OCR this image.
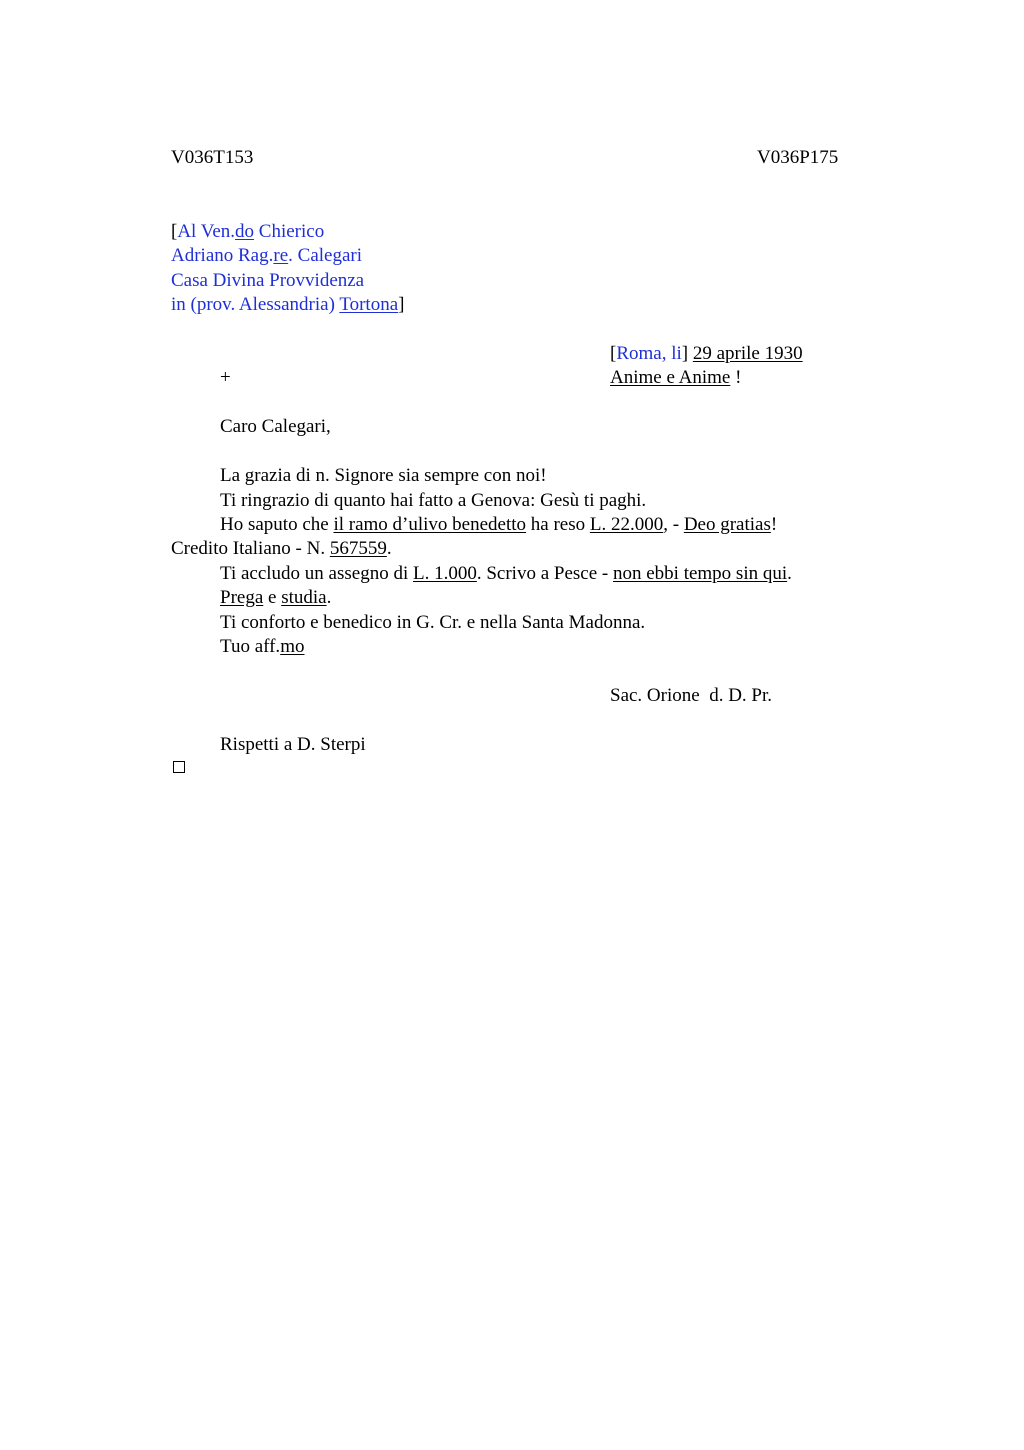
V036T153	V036P175
[Al Ven.do Chierico
Adriano Rag.re. Calegari
Casa Divina Provvidenza
in (prov. Alessandria) Tortona]
[Roma, li] 29 aprile 1930
+	Anime e Anime !
Caro Calegari,
La grazia di n. Signore sia sempre con noi!
Ti ringrazio di quanto hai fatto a Genova: Gesù ti paghi.
Ho saputo che il ramo d’ulivo benedetto ha reso L. 22.000, - Deo gratias!
Credito Italiano - N. 567559.
Ti accludo un assegno di L. 1.000. Scrivo a Pesce - non ebbi tempo sin qui.
Prega e studia.
Ti conforto e benedico in G. Cr. e nella Santa Madonna.
Tuo aff.mo
Sac. Orione  d. D. Pr.
Rispetti a D. Sterpi
